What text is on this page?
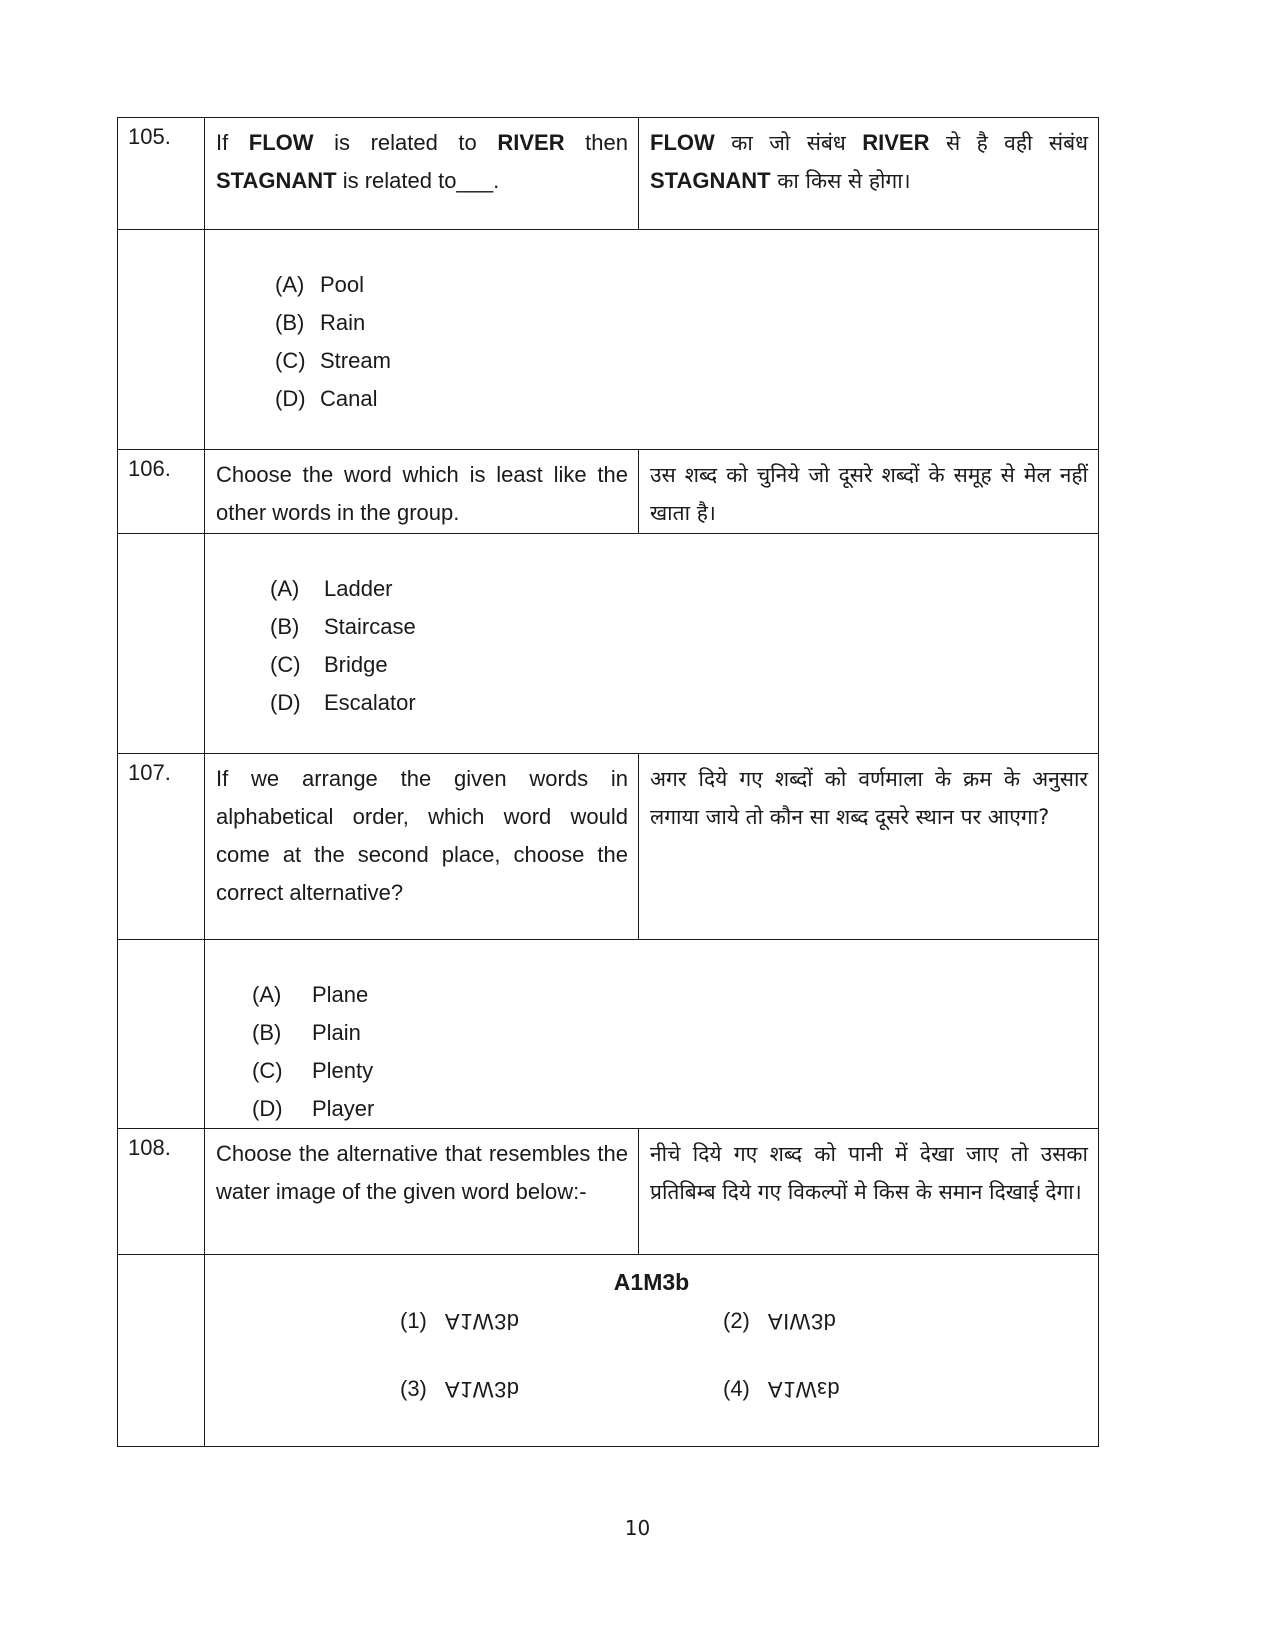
105.	If FLOW is related to RIVER then STAGNANT is related to___.	FLOW का जो संबंध RIVER से है वही संबंध STAGNANT का किस से होगा।

(A) Pool
(B) Rain
(C) Stream
(D) Canal

106.	Choose the word which is least like the other words in the group.	उस शब्द को चुनिये जो दूसरे शब्दों के समूह से मेल नहीं खाता है।

(A)	Ladder
(B)	Staircase
(C)	Bridge
(D)	Escalator

107.	If we arrange the given words in alphabetical order, which word would come at the second place, choose the correct alternative?	अगर दिये गए शब्दों को वर्णमाला के क्रम के अनुसार लगाया जाये तो कौन सा शब्द दूसरे स्थान पर आएगा?

(A)	Plane
(B)	Plain
(C)	Plenty
(D)	Player

108.	Choose the alternative that resembles the water image of the given word below:-	नीचे दिये गए शब्द को पानी में देखा जाए तो उसका प्रतिबिम्ब दिये गए विकल्पों मे किस के समान दिखाई देगा।

A1M3b
(1) A1W3b	(2) AIW3b
(3) A1W3b	(4) A1Wεb
10
